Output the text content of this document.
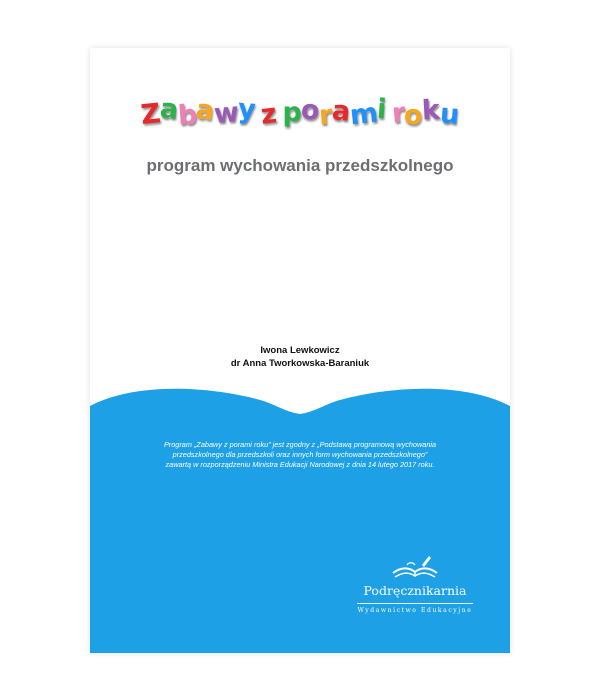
Zabawyz porami roku
program wychowania przedszkolnego
Iwona Lewkowicz
dr Anna Tworkowska-Baraniuk
Program „Zabawy z porami roku” jest zgodny z „Podstawą programową wychowania
przedszkolnego dla przedszkoli oraz innych form wychowania przedszkolnego”
zawartą w rozporządzeniu Ministra Edukacji Narodowej z dnia 14 lutego 2017 roku.
Podręcznikarnia
Wydawnictwo Edukacyjne
